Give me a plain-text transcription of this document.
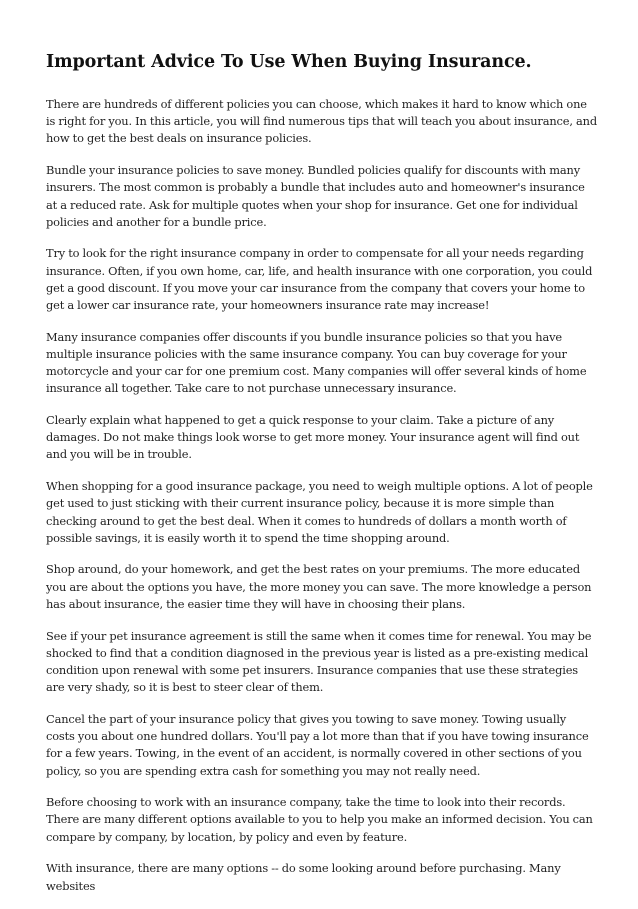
Important Advice To Use When Buying Insurance.

There are hundreds of different policies you can choose, which makes it hard to know which one is right for you. In this article, you will find numerous tips that will teach you about insurance, and how to get the best deals on insurance policies.

Bundle your insurance policies to save money. Bundled policies qualify for discounts with many insurers. The most common is probably a bundle that includes auto and homeowner's insurance at a reduced rate. Ask for multiple quotes when your shop for insurance. Get one for individual policies and another for a bundle price.

Try to look for the right insurance company in order to compensate for all your needs regarding insurance. Often, if you own home, car, life, and health insurance with one corporation, you could get a good discount. If you move your car insurance from the company that covers your home to get a lower car insurance rate, your homeowners insurance rate may increase!

Many insurance companies offer discounts if you bundle insurance policies so that you have multiple insurance policies with the same insurance company. You can buy coverage for your motorcycle and your car for one premium cost. Many companies will offer several kinds of home insurance all together. Take care to not purchase unnecessary insurance.

Clearly explain what happened to get a quick response to your claim. Take a picture of any damages. Do not make things look worse to get more money. Your insurance agent will find out and you will be in trouble.

When shopping for a good insurance package, you need to weigh multiple options. A lot of people get used to just sticking with their current insurance policy, because it is more simple than checking around to get the best deal. When it comes to hundreds of dollars a month worth of possible savings, it is easily worth it to spend the time shopping around.

Shop around, do your homework, and get the best rates on your premiums. The more educated you are about the options you have, the more money you can save. The more knowledge a person has about insurance, the easier time they will have in choosing their plans.

See if your pet insurance agreement is still the same when it comes time for renewal. You may be shocked to find that a condition diagnosed in the previous year is listed as a pre-existing medical condition upon renewal with some pet insurers. Insurance companies that use these strategies are very shady, so it is best to steer clear of them.

Cancel the part of your insurance policy that gives you towing to save money. Towing usually costs you about one hundred dollars. You'll pay a lot more than that if you have towing insurance for a few years. Towing, in the event of an accident, is normally covered in other sections of you policy, so you are spending extra cash for something you may not really need.

Before choosing to work with an insurance company, take the time to look into their records. There are many different options available to you to help you make an informed decision. You can compare by company, by location, by policy and even by feature.

With insurance, there are many options -- do some looking around before purchasing. Many websites
